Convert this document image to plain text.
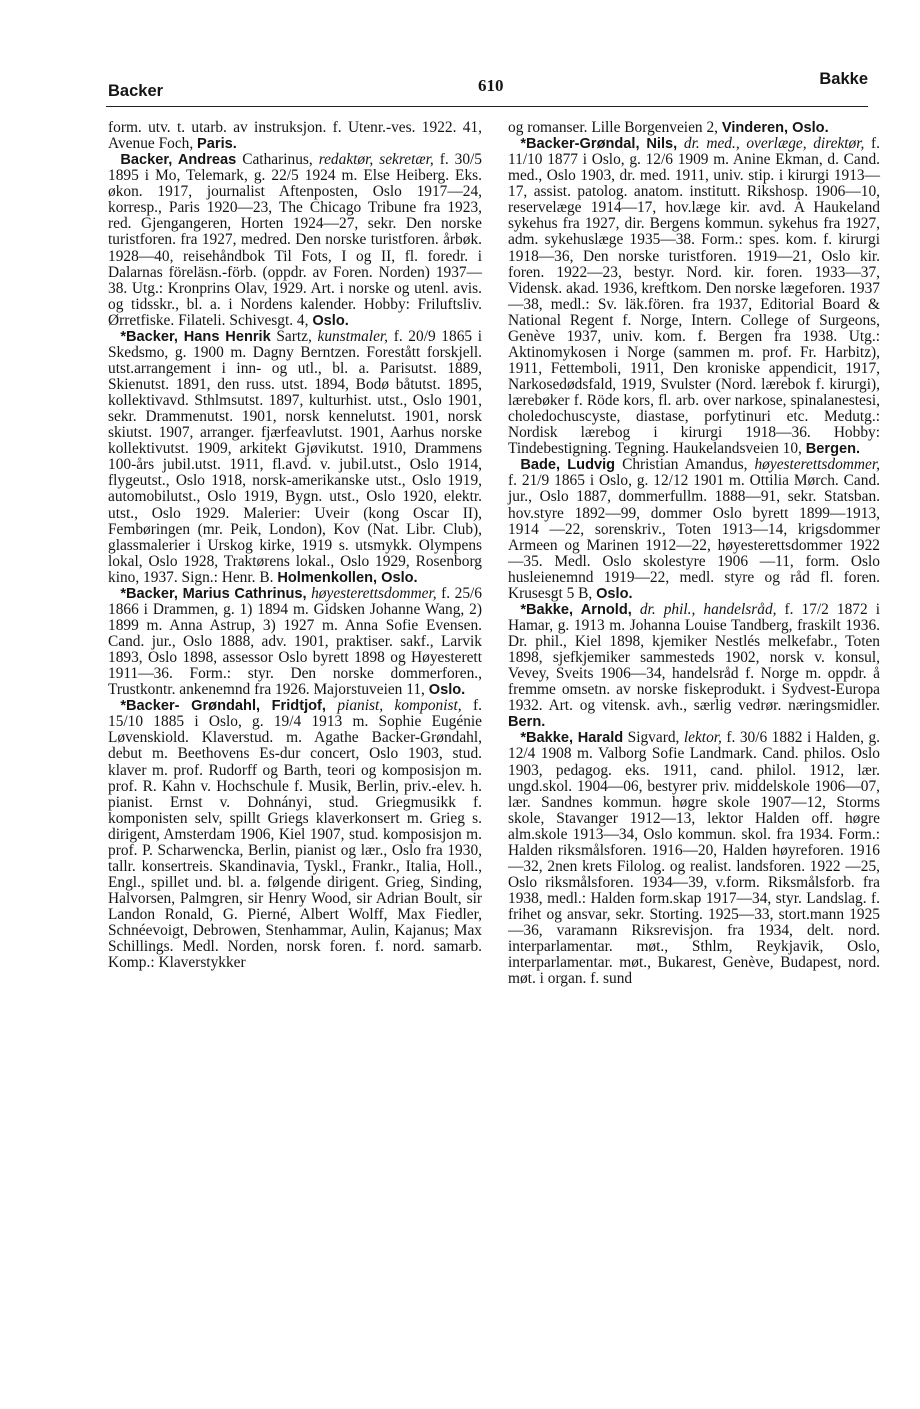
Backer	610	Bakke

form. utv. t. utarb. av instruksjon. f. Utenr.-ves. 1922. 41, Avenue Foch, Paris.

Backer, Andreas Catharinus, redaktør, sekretær, f. 30/5 1895 i Mo, Telemark, g. 22/5 1924 m. Else Heiberg. Eks. økon. 1917, journalist Aftenposten, Oslo 1917—24, korresp., Paris 1920—23, The Chicago Tribune fra 1923, red. Gjengangeren, Horten 1924—27, sekr. Den norske turistforen. fra 1927, medred. Den norske turistforen. årbøk. 1928—40, reisehåndbok Til Fots, I og II, fl. foredr. i Dalarnas föreläsn.-förb. (oppdr. av Foren. Norden) 1937—38. Utg.: Kronprins Olav, 1929. Art. i norske og utenl. avis. og tidsskr., bl. a. i Nordens kalender. Hobby: Friluftsliv. Ørretfiske. Filateli. Schivesgt. 4, Oslo.

*Backer, Hans Henrik Sartz, kunstmaler, f. 20/9 1865 i Skedsmo, g. 1900 m. Dagny Berntzen. Forestått forskjell. utst.arrangement i inn- og utl., bl. a. Parisutst. 1889, Skienutst. 1891, den russ. utst. 1894, Bodø båtutst. 1895, kollektivavd. Sthlmsutst. 1897, kulturhist. utst., Oslo 1901, sekr. Drammenutst. 1901, norsk kennelutst. 1901, norsk skiutst. 1907, arranger. fjærfeavlutst. 1901, Aarhus norske kollektivutst. 1909, arkitekt Gjøvikutst. 1910, Drammens 100-års jubil.utst. 1911, fl.avd. v. jubil.utst., Oslo 1914, flygeutst., Oslo 1918, norsk-amerikanske utst., Oslo 1919, automobilutst., Oslo 1919, Bygn. utst., Oslo 1920, elektr. utst., Oslo 1929. Malerier: Uveir (kong Oscar II), Fembøringen (mr. Peik, London), Kov (Nat. Libr. Club), glassmalerier i Urskog kirke, 1919 s. utsmykk. Olympens lokal, Oslo 1928, Traktørens lokal., Oslo 1929, Rosenborg kino, 1937. Sign.: Henr. B. Holmenkollen, Oslo.

*Backer, Marius Cathrinus, høyesterettsdommer, f. 25/6 1866 i Drammen, g. 1) 1894 m. Gidsken Johanne Wang, 2) 1899 m. Anna Astrup, 3) 1927 m. Anna Sofie Evensen. Cand. jur., Oslo 1888, adv. 1901, praktiser. sakf., Larvik 1893, Oslo 1898, assessor Oslo byrett 1898 og Høyesterett 1911—36. Form.: styr. Den norske dommerforen., Trustkontr. ankenemnd fra 1926. Majorstuveien 11, Oslo.

*Backer- Grøndahl, Fridtjof, pianist, komponist, f. 15/10 1885 i Oslo, g. 19/4 1913 m. Sophie Eugénie Løvenskiold. Klaverstud. m. Agathe Backer-Grøndahl, debut m. Beethovens Es-dur concert, Oslo 1903, stud. klaver m. prof. Rudorff og Barth, teori og komposisjon m. prof. R. Kahn v. Hochschule f. Musik, Berlin, priv.-elev. h. pianist. Ernst v. Dohnányi, stud. Griegmusikk f. komponisten selv, spillt Griegs klaverkonsert m. Grieg s. dirigent, Amsterdam 1906, Kiel 1907, stud. komposisjon m. prof. P. Scharwencka, Berlin, pianist og lær., Oslo fra 1930, tallr. konsertreis. Skandinavia, Tyskl., Frankr., Italia, Holl., Engl., spillet und. bl. a. følgende dirigent. Grieg, Sinding, Halvorsen, Palmgren, sir Henry Wood, sir Adrian Boult, sir Landon Ronald, G. Pierné, Albert Wolff, Max Fiedler, Schnéevoigt, Debrowen, Stenhammar, Aulin, Kajanus; Max Schillings. Medl. Norden, norsk foren. f. nord. samarb. Komp.: Klaverstykker

og romanser. Lille Borgenveien 2, Vinderen, Oslo.

*Backer-Grøndal, Nils, dr. med., overlæge, direktør, f. 11/10 1877 i Oslo, g. 12/6 1909 m. Anine Ekman, d. Cand. med., Oslo 1903, dr. med. 1911, univ. stip. i kirurgi 1913—17, assist. patolog. anatom. institutt. Rikshosp. 1906—10, reservelæge 1914—17, hov.læge kir. avd. A Haukeland sykehus fra 1927, dir. Bergens kommun. sykehus fra 1927, adm. sykehuslæge 1935—38. Form.: spes. kom. f. kirurgi 1918—36, Den norske turistforen. 1919—21, Oslo kir. foren. 1922—23, bestyr. Nord. kir. foren. 1933—37, Vidensk. akad. 1936, kreftkom. Den norske lægeforen. 1937—38, medl.: Sv. läk.fören. fra 1937, Editorial Board & National Regent f. Norge, Intern. College of Surgeons, Genève 1937, univ. kom. f. Bergen fra 1938. Utg.: Aktinomykosen i Norge (sammen m. prof. Fr. Harbitz), 1911, Fettemboli, 1911, Den kroniske appendicit, 1917, Narkosedødsfald, 1919, Svulster (Nord. lærebok f. kirurgi), lærebøker f. Röde kors, fl. arb. over narkose, spinalanestesi, choledochuscyste, diastase, porfytinuri etc. Medutg.: Nordisk lærebog i kirurgi 1918—36. Hobby: Tindebestigning. Tegning. Haukelandsveien 10, Bergen.

Bade, Ludvig Christian Amandus, høyesterettsdommer, f. 21/9 1865 i Oslo, g. 12/12 1901 m. Ottilia Mørch. Cand. jur., Oslo 1887, dommerfullm. 1888—91, sekr. Statsban. hov.styre 1892—99, dommer Oslo byrett 1899—1913, 1914 —22, sorenskriv., Toten 1913—14, krigsdommer Armeen og Marinen 1912—22, høyesterettsdommer 1922—35. Medl. Oslo skolestyre 1906 —11, form. Oslo husleienemnd 1919—22, medl. styre og råd fl. foren. Krusesgt 5 B, Oslo.

*Bakke, Arnold, dr. phil., handelsråd, f. 17/2 1872 i Hamar, g. 1913 m. Johanna Louise Tandberg, fraskilt 1936. Dr. phil., Kiel 1898, kjemiker Nestlés melkefabr., Toten 1898, sjefkjemiker sammesteds 1902, norsk v. konsul, Vevey, Sveits 1906—34, handelsråd f. Norge m. oppdr. å fremme omsetn. av norske fiskeprodukt. i Sydvest-Europa 1932. Art. og vitensk. avh., særlig vedrør. næringsmidler. Bern.

*Bakke, Harald Sigvard, lektor, f. 30/6 1882 i Halden, g. 12/4 1908 m. Valborg Sofie Landmark. Cand. philos. Oslo 1903, pedagog. eks. 1911, cand. philol. 1912, lær. ungd.skol. 1904—06, bestyrer priv. middelskole 1906—07, lær. Sandnes kommun. høgre skole 1907—12, Storms skole, Stavanger 1912—13, lektor Halden off. høgre alm.skole 1913—34, Oslo kommun. skol. fra 1934. Form.: Halden riksmålsforen. 1916—20, Halden høyreforen. 1916—32, 2nen krets Filolog. og realist. landsforen. 1922 —25, Oslo riksmålsforen. 1934—39, v.form. Riksmålsforb. fra 1938, medl.: Halden form.skap 1917—34, styr. Landslag. f. frihet og ansvar, sekr. Storting. 1925—33, stort.mann 1925—36, varamann Riksrevisjon. fra 1934, delt. nord. interparlamentar. møt., Sthlm, Reykjavik, Oslo, interparlamentar. møt., Bukarest, Genève, Budapest, nord. møt. i organ. f. sund
